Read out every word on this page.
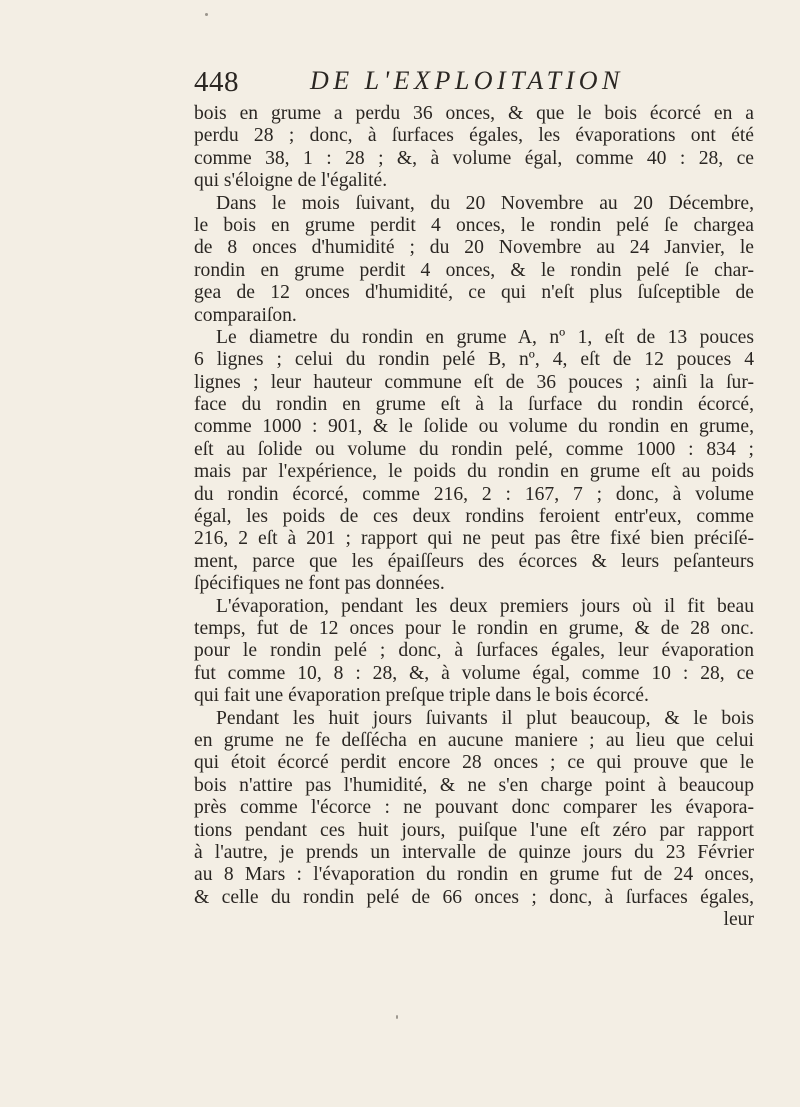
448	DE L'EXPLOITATION
bois en grume a perdu 36 onces, & que le bois écorcé en a
perdu 28 ; donc, à ſurfaces égales, les évaporations ont été
comme 38, 1 : 28 ; &, à volume égal, comme 40 : 28, ce
qui s'éloigne de l'égalité.
Dans le mois ſuivant, du 20 Novembre au 20 Décembre,
le bois en grume perdit 4 onces, le rondin pelé ſe chargea
de 8 onces d'humidité ; du 20 Novembre au 24 Janvier, le
rondin en grume perdit 4 onces, & le rondin pelé ſe char-
gea de 12 onces d'humidité, ce qui n'eſt plus ſuſceptible de
comparaiſon.
Le diametre du rondin en grume A, nº 1, eſt de 13 pouces
6 lignes ; celui du rondin pelé B, nº, 4, eſt de 12 pouces 4
lignes ; leur hauteur commune eſt de 36 pouces ; ainſi la ſur-
face du rondin en grume eſt à la ſurface du rondin écorcé,
comme 1000 : 901, & le ſolide ou volume du rondin en grume,
eſt au ſolide ou volume du rondin pelé, comme 1000 : 834 ;
mais par l'expérience, le poids du rondin en grume eſt au poids
du rondin écorcé, comme 216, 2 : 167, 7 ; donc, à volume
égal, les poids de ces deux rondins feroient entr'eux, comme
216, 2 eſt à 201 ; rapport qui ne peut pas être fixé bien préciſé-
ment, parce que les épaiſſeurs des écorces & leurs peſanteurs
ſpécifiques ne font pas données.
L'évaporation, pendant les deux premiers jours où il fit beau
temps, fut de 12 onces pour le rondin en grume, & de 28 onc.
pour le rondin pelé ; donc, à ſurfaces égales, leur évaporation
fut comme 10, 8 : 28, &, à volume égal, comme 10 : 28, ce
qui fait une évaporation preſque triple dans le bois écorcé.
Pendant les huit jours ſuivants il plut beaucoup, & le bois
en grume ne fe deſſécha en aucune maniere ; au lieu que celui
qui étoit écorcé perdit encore 28 onces ; ce qui prouve que le
bois n'attire pas l'humidité, & ne s'en charge point à beaucoup
près comme l'écorce : ne pouvant donc comparer les évapora-
tions pendant ces huit jours, puiſque l'une eſt zéro par rapport
à l'autre, je prends un intervalle de quinze jours du 23 Février
au 8 Mars : l'évaporation du rondin en grume fut de 24 onces,
& celle du rondin pelé de 66 onces ; donc, à ſurfaces égales,
leur
